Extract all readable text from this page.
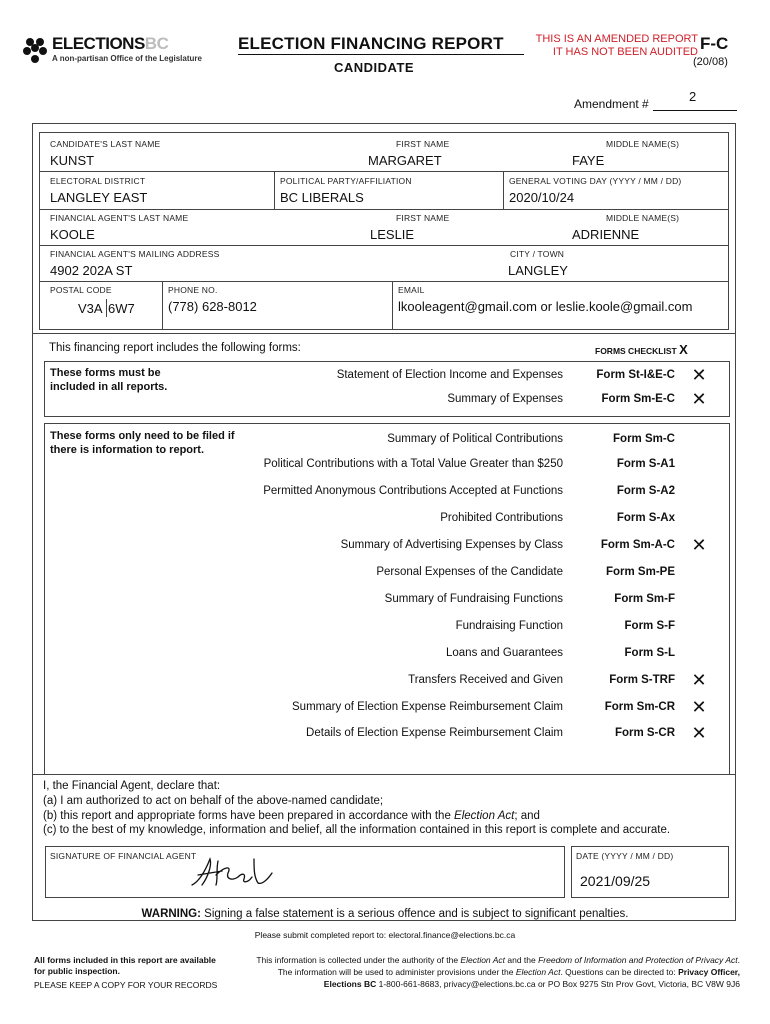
ELECTIONSBC
A non-partisan Office of the Legislature
ELECTION FINANCING REPORT
CANDIDATE
THIS IS AN AMENDED REPORT
IT HAS NOT BEEN AUDITED F-C
(20/08)
Amendment #	2
CANDIDATE'S LAST NAME
KUNST
FIRST NAME
MARGARET
MIDDLE NAME(S)
FAYE
ELECTORAL DISTRICT
LANGLEY EAST
POLITICAL PARTY/AFFILIATION
BC LIBERALS
GENERAL VOTING DAY (YYYY / MM / DD)
2020/10/24
FINANCIAL AGENT'S LAST NAME
KOOLE
FIRST NAME
LESLIE
MIDDLE NAME(S)
ADRIENNE
FINANCIAL AGENT'S MAILING ADDRESS
4902 202A ST
CITY / TOWN
LANGLEY
POSTAL CODE
V3A 6W7
PHONE NO.
(778) 628-8012
EMAIL
lkooleagent@gmail.com or leslie.koole@gmail.com
This financing report includes the following forms:	FORMS CHECKLIST X
These forms must be included in all reports.
These forms only need to be filed if there is information to report.
Statement of Election Income and Expenses	Form St-I&E-C ✕
Summary of Expenses	Form Sm-E-C ✕
Summary of Political Contributions	Form Sm-C
Political Contributions with a Total Value Greater than $250	Form S-A1
Permitted Anonymous Contributions Accepted at Functions	Form S-A2
Prohibited Contributions	Form S-Ax
Summary of Advertising Expenses by Class	Form Sm-A-C ✕
Personal Expenses of the Candidate	Form Sm-PE
Summary of Fundraising Functions	Form Sm-F
Fundraising Function	Form S-F
Loans and Guarantees	Form S-L
Transfers Received and Given	Form S-TRF ✕
Summary of Election Expense Reimbursement Claim	Form Sm-CR ✕
Details of Election Expense Reimbursement Claim	Form S-CR ✕
I, the Financial Agent, declare that:
(a) I am authorized to act on behalf of the above-named candidate;
(b) this report and appropriate forms have been prepared in accordance with the Election Act; and
(c) to the best of my knowledge, information and belief, all the information contained in this report is complete and accurate.
SIGNATURE OF FINANCIAL AGENT	DATE (YYYY / MM / DD)
2021/09/25
WARNING: Signing a false statement is a serious offence and is subject to significant penalties.
Please submit completed report to: electoral.finance@elections.bc.ca
All forms included in this report are available
for public inspection.
PLEASE KEEP A COPY FOR YOUR RECORDS
This information is collected under the authority of the Election Act and the Freedom of Information and Protection of Privacy Act.
The information will be used to administer provisions under the Election Act. Questions can be directed to: Privacy Officer,
Elections BC 1-800-661-8683, privacy@elections.bc.ca or PO Box 9275 Stn Prov Govt, Victoria, BC V8W 9J6
